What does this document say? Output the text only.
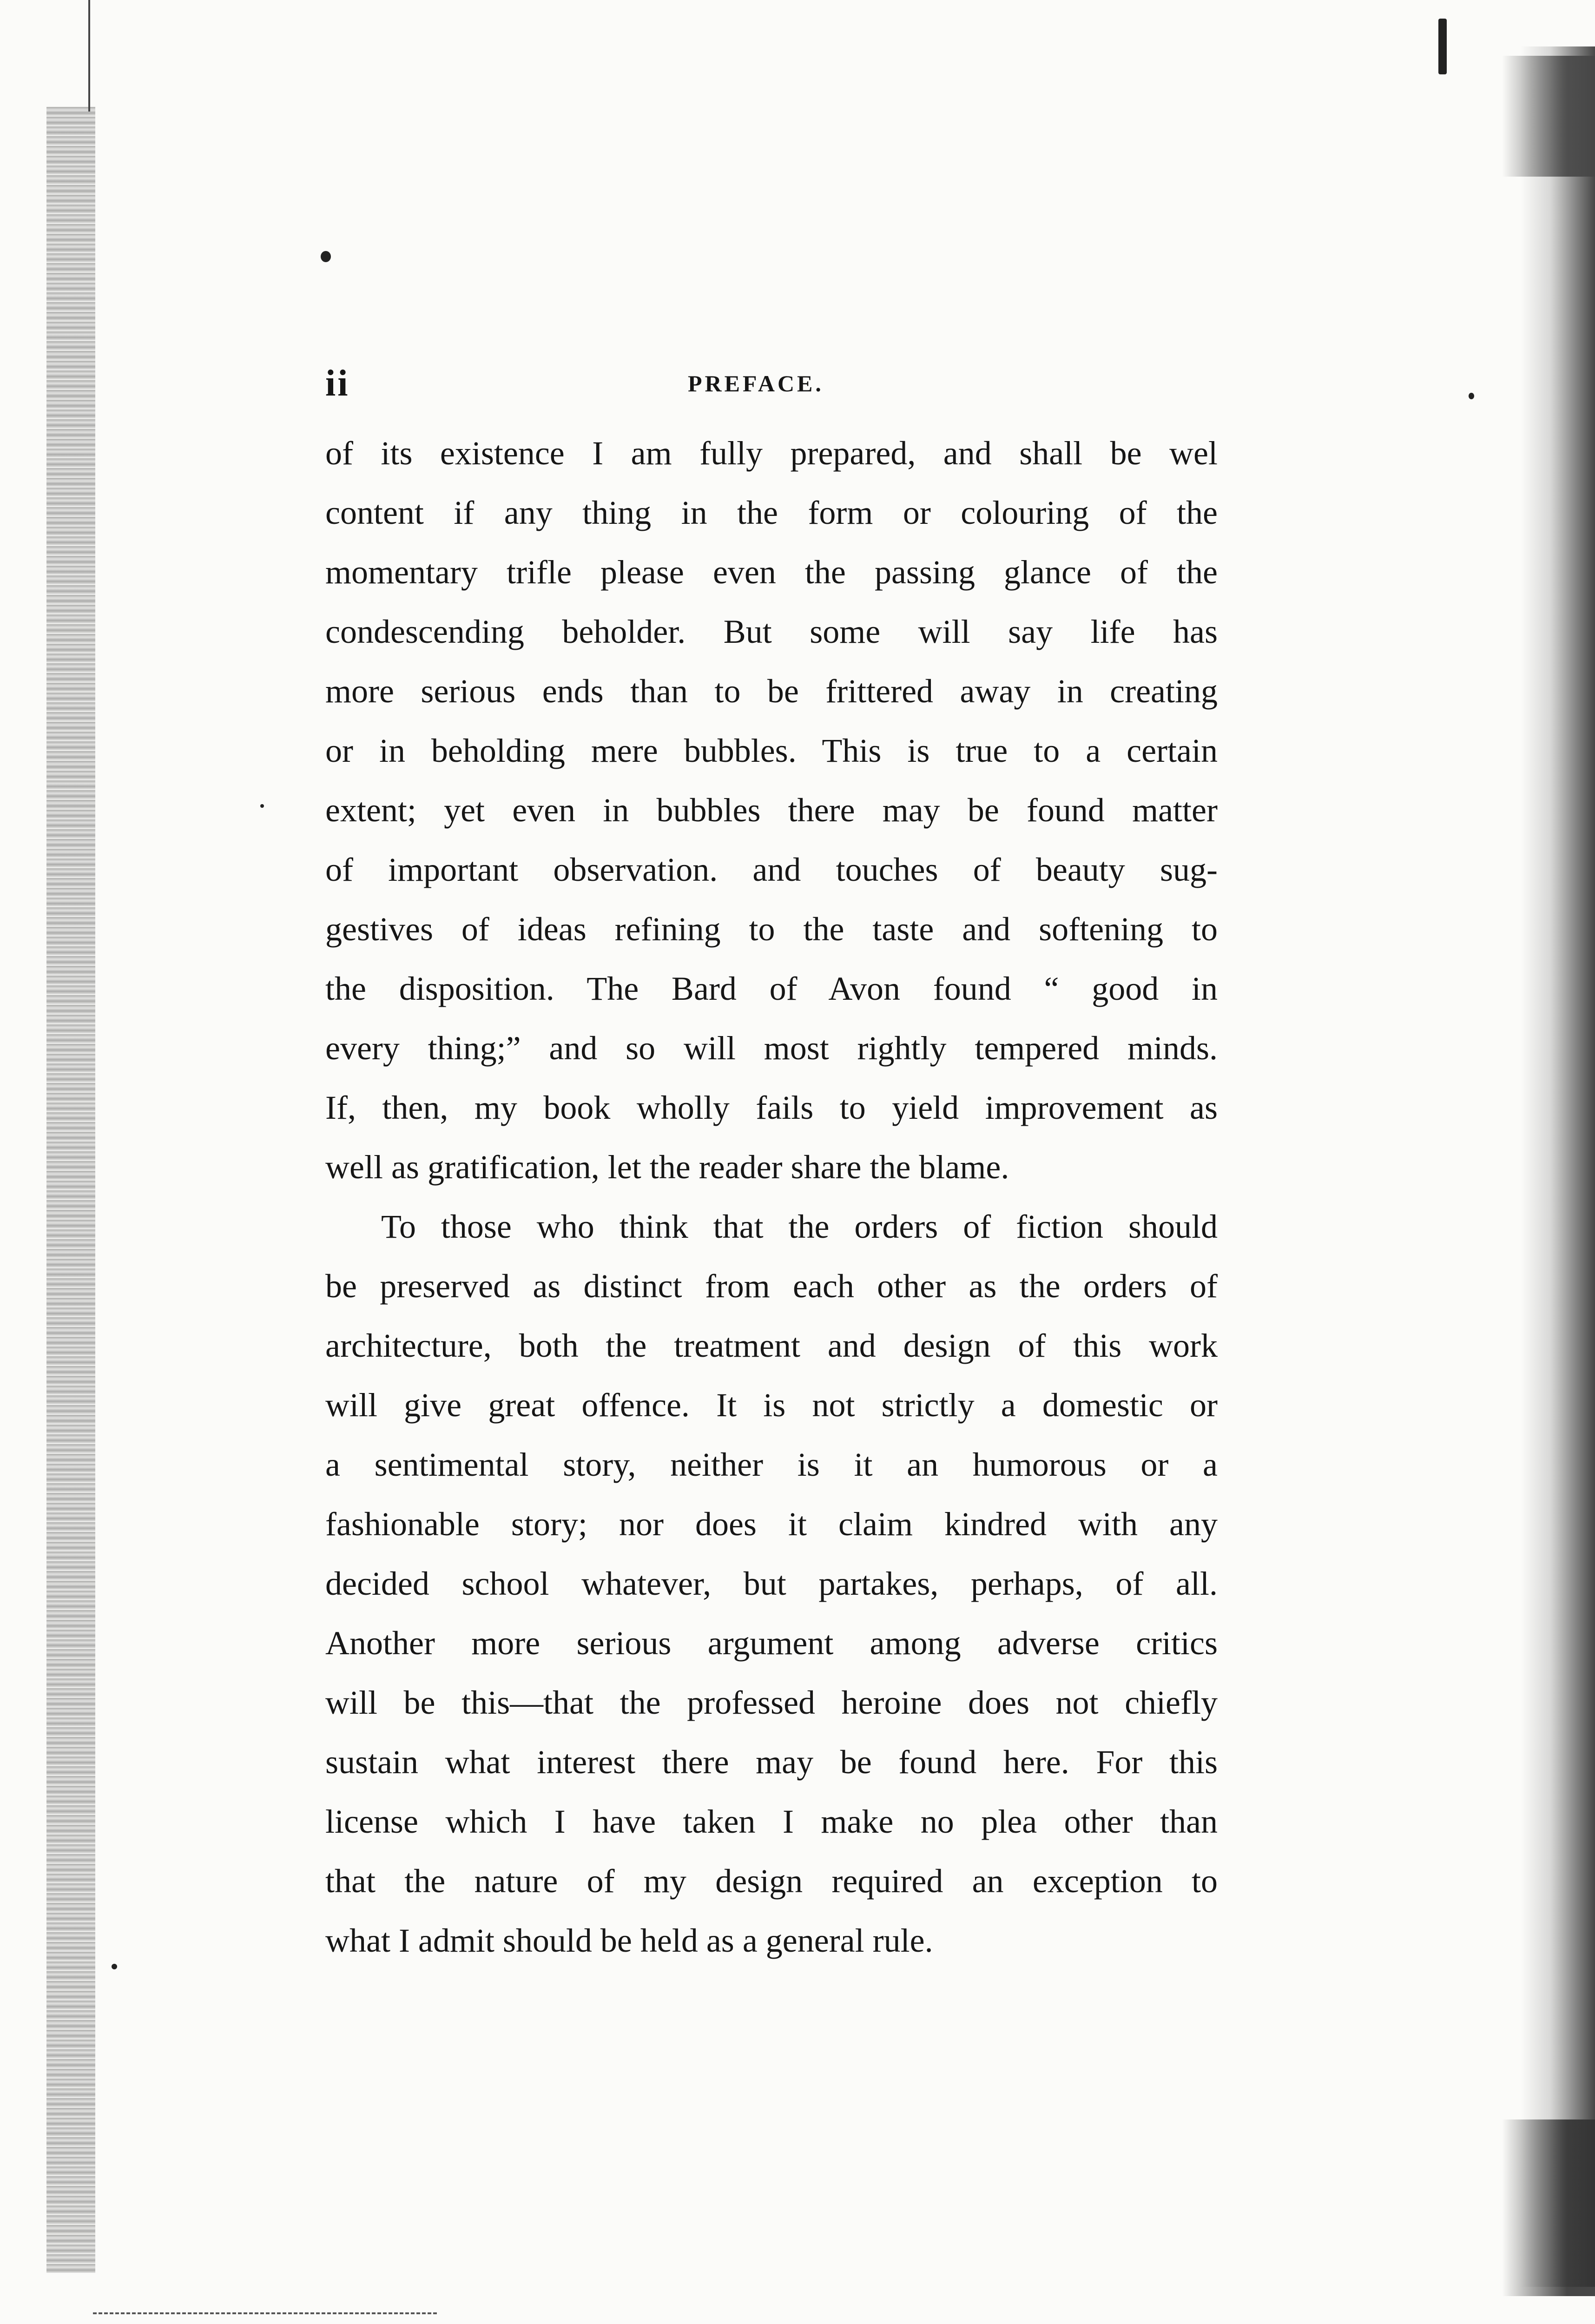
ii	PREFACE.
of its existence I am fully prepared, and shall be wel
content if any thing in the form or colouring of the
momentary trifle please even the passing glance of the
condescending beholder. But some will say life has
more serious ends than to be frittered away in creating
or in beholding mere bubbles. This is true to a certain
extent; yet even in bubbles there may be found matter
of important observation. and touches of beauty sug-
gestives of ideas refining to the taste and softening to
the disposition. The Bard of Avon found “ good in
every thing;” and so will most rightly tempered minds.
If, then, my book wholly fails to yield improvement as
well as gratification, let the reader share the blame.
To those who think that the orders of fiction should
be preserved as distinct from each other as the orders of
architecture, both the treatment and design of this work
will give great offence. It is not strictly a domestic or
a sentimental story, neither is it an humorous or a
fashionable story; nor does it claim kindred with any
decided school whatever, but partakes, perhaps, of all.
Another more serious argument among adverse critics
will be this—that the professed heroine does not chiefly
sustain what interest there may be found here. For this
license which I have taken I make no plea other than
that the nature of my design required an exception to
what I admit should be held as a general rule.
